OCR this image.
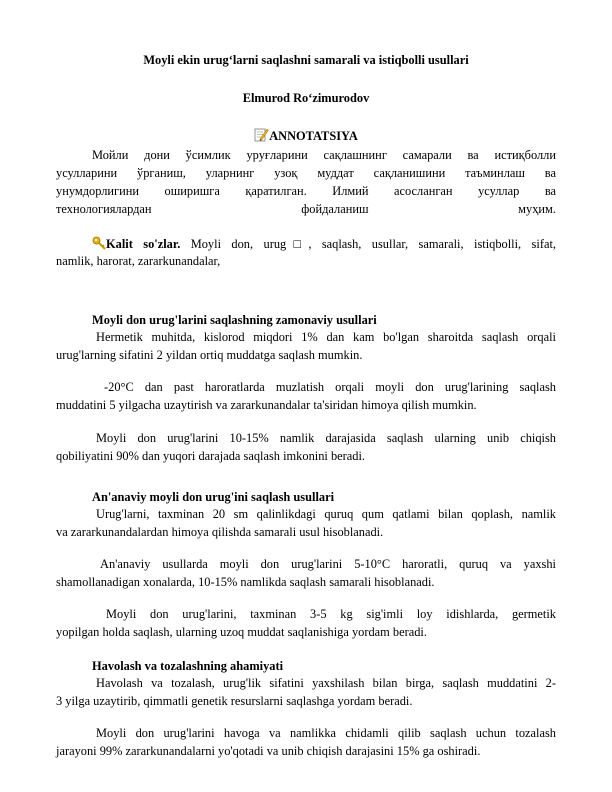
Moyli ekin urug‘larni saqlashni samarali va istiqbolli usullari
Elmurod Ro‘zimurodov
ANNOTATSIYA
Мойли дони ўсимлик уруғларини сақлашнинг самарали ва истиқболли
усулларини ўрганиш, уларнинг узоқ муддат сақланишини таъминлаш ва
унумдорлигини оширишга қаратилган. Илмий асосланган усуллар ва
технологиялардан фойдаланиш муҳим.
Kalit so'zlar. Moyli don, urug□, saqlash, usullar, samarali, istiqbolli, sifat,
namlik, harorat, zararkunandalar,
Moyli don urug'larini saqlashning zamonaviy usullari
Hermetik muhitda, kislorod miqdori 1% dan kam bo'lgan sharoitda saqlash orqali
urug'larning sifatini 2 yildan ortiq muddatga saqlash mumkin.
-20°C dan past haroratlarda muzlatish orqali moyli don urug'larining saqlash
muddatini 5 yilgacha uzaytirish va zararkunandalar ta'siridan himoya qilish mumkin.
Moyli don urug'larini 10-15% namlik darajasida saqlash ularning unib chiqish
qobiliyatini 90% dan yuqori darajada saqlash imkonini beradi.
An'anaviy moyli don urug'ini saqlash usullari
Urug'larni, taxminan 20 sm qalinlikdagi quruq qum qatlami bilan qoplash, namlik
va zararkunandalardan himoya qilishda samarali usul hisoblanadi.
An'anaviy usullarda moyli don urug'larini 5-10°C haroratli, quruq va yaxshi
shamollanadigan xonalarda, 10-15% namlikda saqlash samarali hisoblanadi.
Moyli don urug'larini, taxminan 3-5 kg sig'imli loy idishlarda, germetik
yopilgan holda saqlash, ularning uzoq muddat saqlanishiga yordam beradi.
Havolash va tozalashning ahamiyati
Havolash va tozalash, urug'lik sifatini yaxshilash bilan birga, saqlash muddatini 2-
3 yilga uzaytirib, qimmatli genetik resurslarni saqlashga yordam beradi.
Moyli don urug'larini havoga va namlikka chidamli qilib saqlash uchun tozalash
jarayoni 99% zararkunandalarni yo'qotadi va unib chiqish darajasini 15% ga oshiradi.
